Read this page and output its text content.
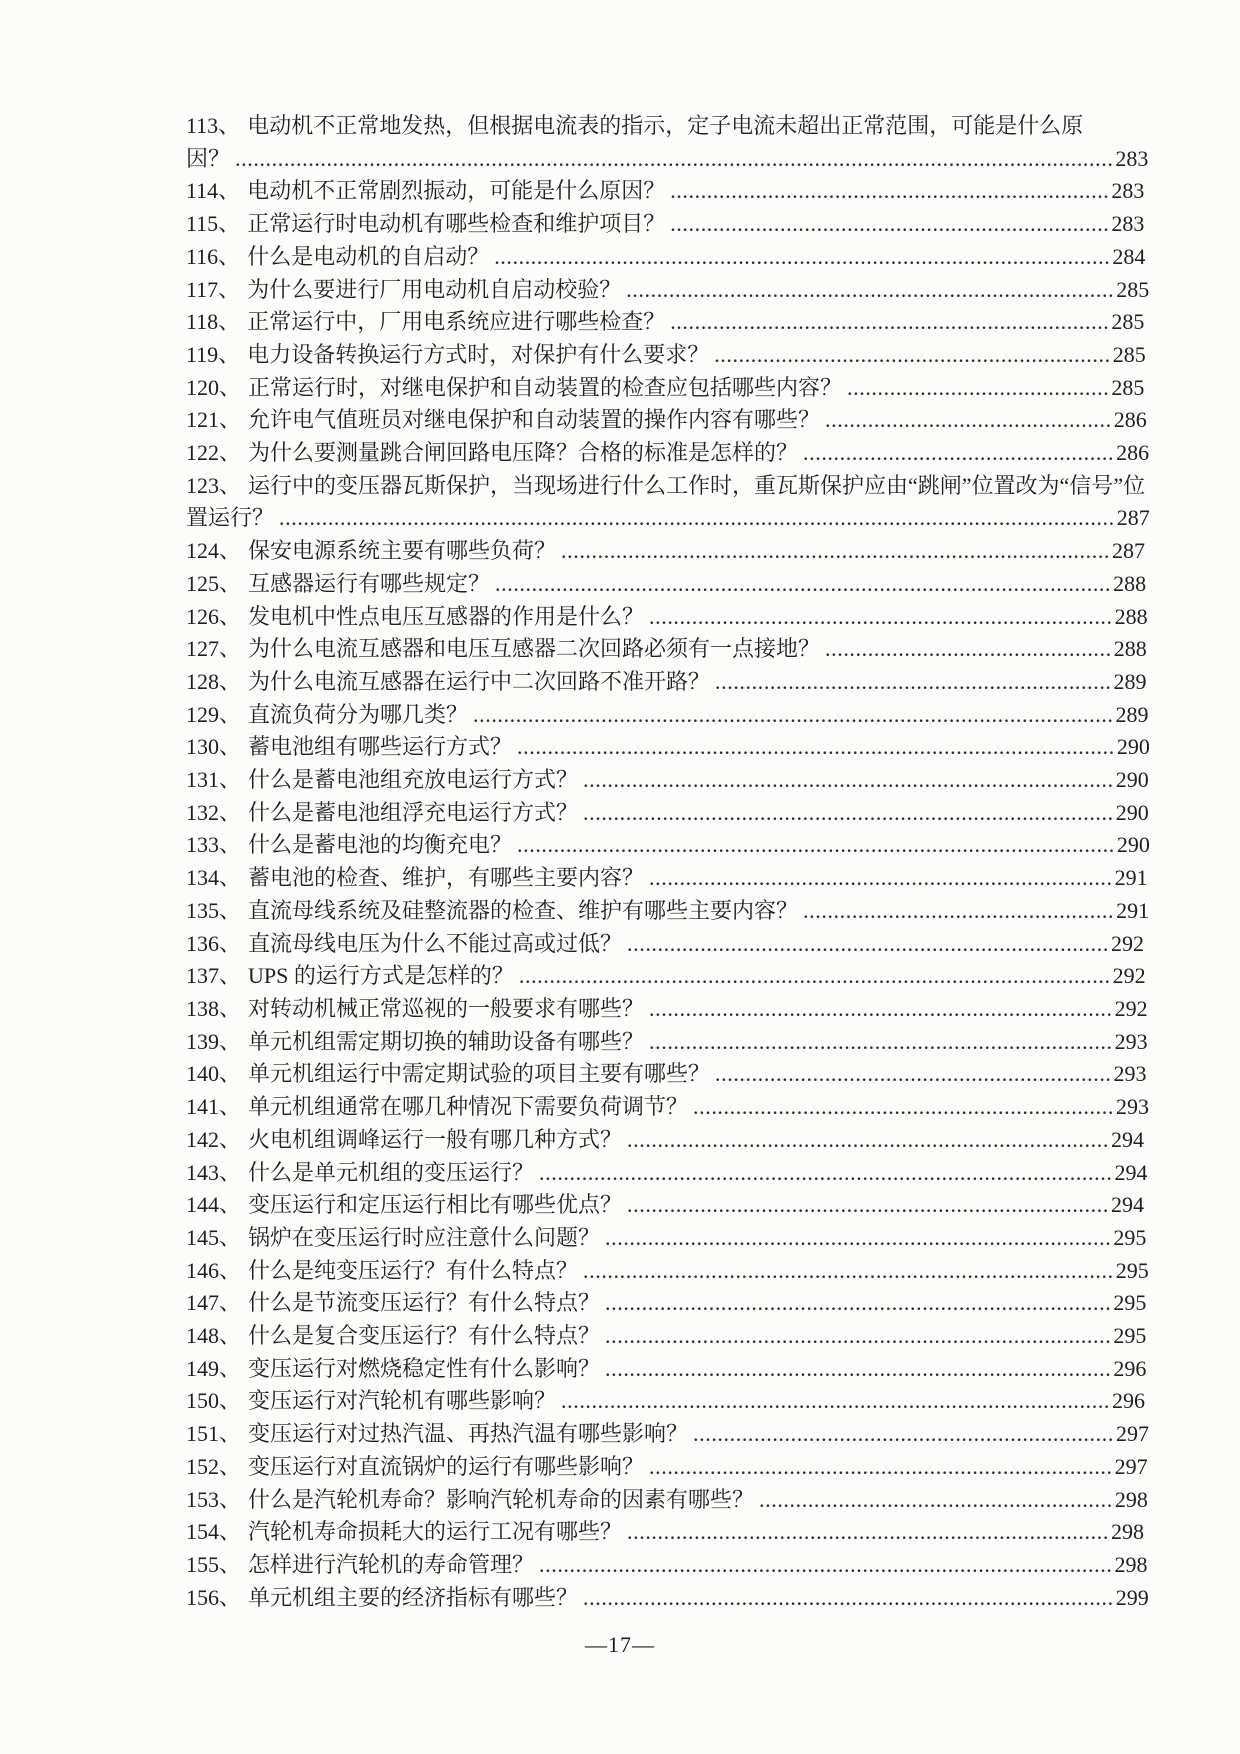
113、 电动机不正常地发热，但根据电流表的指示，定子电流未超出正常范围，可能是什么原因？ ................................................................................................................................................283
114、 电动机不正常剧烈振动，可能是什么原因？ ........................................................................283
115、 正常运行时电动机有哪些检查和维护项目？ ........................................................................283
116、 什么是电动机的自启动？ .....................................................................................................284
117、 为什么要进行厂用电动机自启动校验？ ................................................................................285
118、 正常运行中，厂用电系统应进行哪些检查？ ........................................................................285
119、 电力设备转换运行方式时，对保护有什么要求？ .................................................................285
120、 正常运行时，对继电保护和自动装置的检查应包括哪些内容？ ...........................................285
121、 允许电气值班员对继电保护和自动装置的操作内容有哪些？ ...............................................286
122、 为什么要测量跳合闸回路电压降？合格的标准是怎样的？ ...................................................286
123、 运行中的变压器瓦斯保护，当现场进行什么工作时，重瓦斯保护应由“跳闸”位置改为“信号”位置运行？ .........................................................................................................................................287
124、 保安电源系统主要有哪些负荷？ ..........................................................................................287
125、 互感器运行有哪些规定？ .....................................................................................................288
126、 发电机中性点电压互感器的作用是什么？ ............................................................................288
127、 为什么电流互感器和电压互感器二次回路必须有一点接地？ ...............................................288
128、 为什么电流互感器在运行中二次回路不准开路？ .................................................................289
129、 直流负荷分为哪几类？ .........................................................................................................289
130、 蓄电池组有哪些运行方式？ ..................................................................................................290
131、 什么是蓄电池组充放电运行方式？ .......................................................................................290
132、 什么是蓄电池组浮充电运行方式？ .......................................................................................290
133、 什么是蓄电池的均衡充电？ ..................................................................................................290
134、 蓄电池的检查、维护，有哪些主要内容？ ............................................................................291
135、 直流母线系统及硅整流器的检查、维护有哪些主要内容？ ...................................................291
136、 直流母线电压为什么不能过高或过低？ ...............................................................................292
137、 UPS 的运行方式是怎样的？ .................................................................................................292
138、 对转动机械正常巡视的一般要求有哪些？ ............................................................................292
139、 单元机组需定期切换的辅助设备有哪些？ ............................................................................293
140、 单元机组运行中需定期试验的项目主要有哪些？ .................................................................293
141、 单元机组通常在哪几种情况下需要负荷调节？ .....................................................................293
142、 火电机组调峰运行一般有哪几种方式？ ...............................................................................294
143、 什么是单元机组的变压运行？ ..............................................................................................294
144、 变压运行和定压运行相比有哪些优点？ ...............................................................................294
145、 锅炉在变压运行时应注意什么问题？ ...................................................................................295
146、 什么是纯变压运行？有什么特点？ .......................................................................................295
147、 什么是节流变压运行？有什么特点？ ...................................................................................295
148、 什么是复合变压运行？有什么特点？ ...................................................................................295
149、 变压运行对燃烧稳定性有什么影响？ ...................................................................................296
150、 变压运行对汽轮机有哪些影响？ ..........................................................................................296
151、 变压运行对过热汽温、再热汽温有哪些影响？ .....................................................................297
152、 变压运行对直流锅炉的运行有哪些影响？ ............................................................................297
153、 什么是汽轮机寿命？影响汽轮机寿命的因素有哪些？ ..........................................................298
154、 汽轮机寿命损耗大的运行工况有哪些？ ...............................................................................298
155、 怎样进行汽轮机的寿命管理？ ..............................................................................................298
156、 单元机组主要的经济指标有哪些？ .......................................................................................299
—17—
